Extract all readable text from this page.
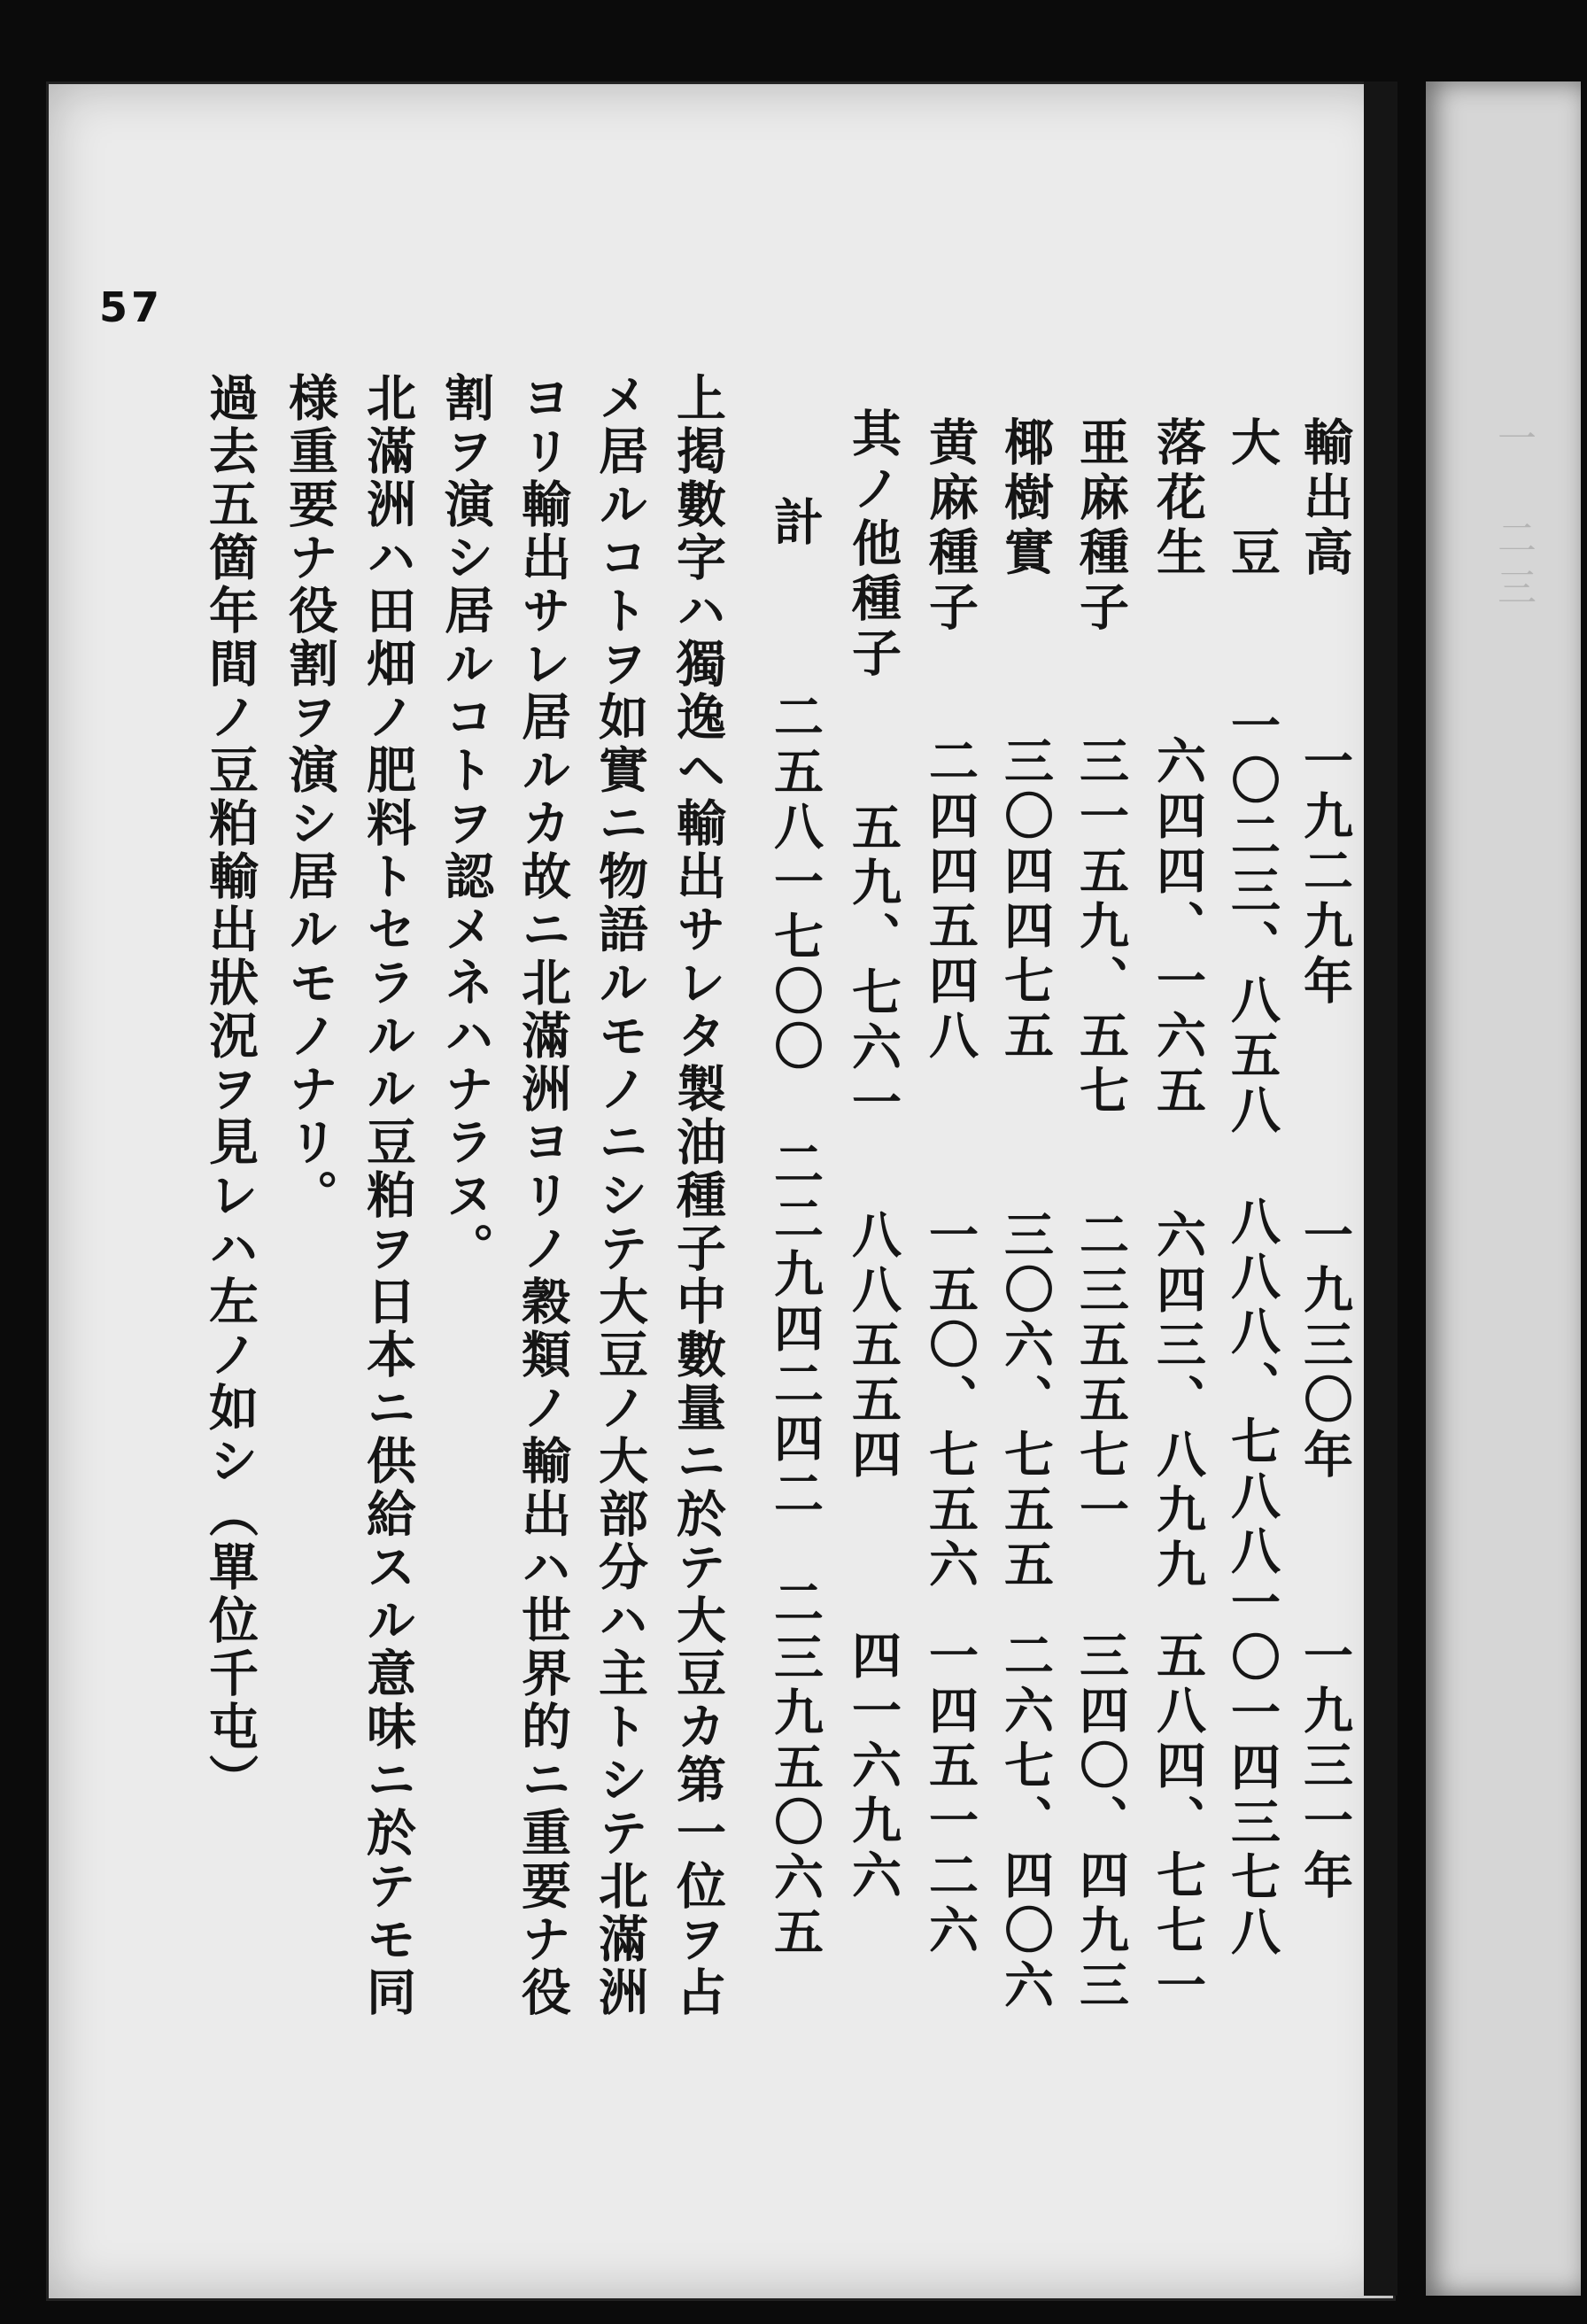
一　二三
57
輸出高
一九二九年
一九三〇年
一九三一年
大　豆
一〇二三、八五八
八八八、七八八
一〇一四三七八
落花生
六四四、一六五
六四三、八九九
五八四、七七一
亜麻種子
三一五九、五七
二三五五七一
三四〇、四九三
椰樹實
三〇四四七五
三〇六、七五五
二六七、四〇六
黄麻種子
二四四五四八
一五〇、七五六
一四五一二六
其ノ他種子
五九、七六一
八八五五四
四一六九六
計
二五八一七〇〇
二二九四二四二
二三九五〇六五
上掲數字ハ獨逸ヘ輸出サレタ製油種子中數量ニ於テ大豆カ第一位ヲ占
メ居ルコトヲ如實ニ物語ルモノニシテ大豆ノ大部分ハ主トシテ北滿洲
ヨリ輸出サレ居ルカ故ニ北滿洲ヨリノ穀類ノ輸出ハ世界的ニ重要ナ役
割ヲ演シ居ルコトヲ認メネハナラヌ。
北滿洲ハ田畑ノ肥料トセラルル豆粕ヲ日本ニ供給スル意味ニ於テモ同
様重要ナ役割ヲ演シ居ルモノナリ。
過去五箇年間ノ豆粕輸出狀況ヲ見レハ左ノ如シ（單位千屯）
